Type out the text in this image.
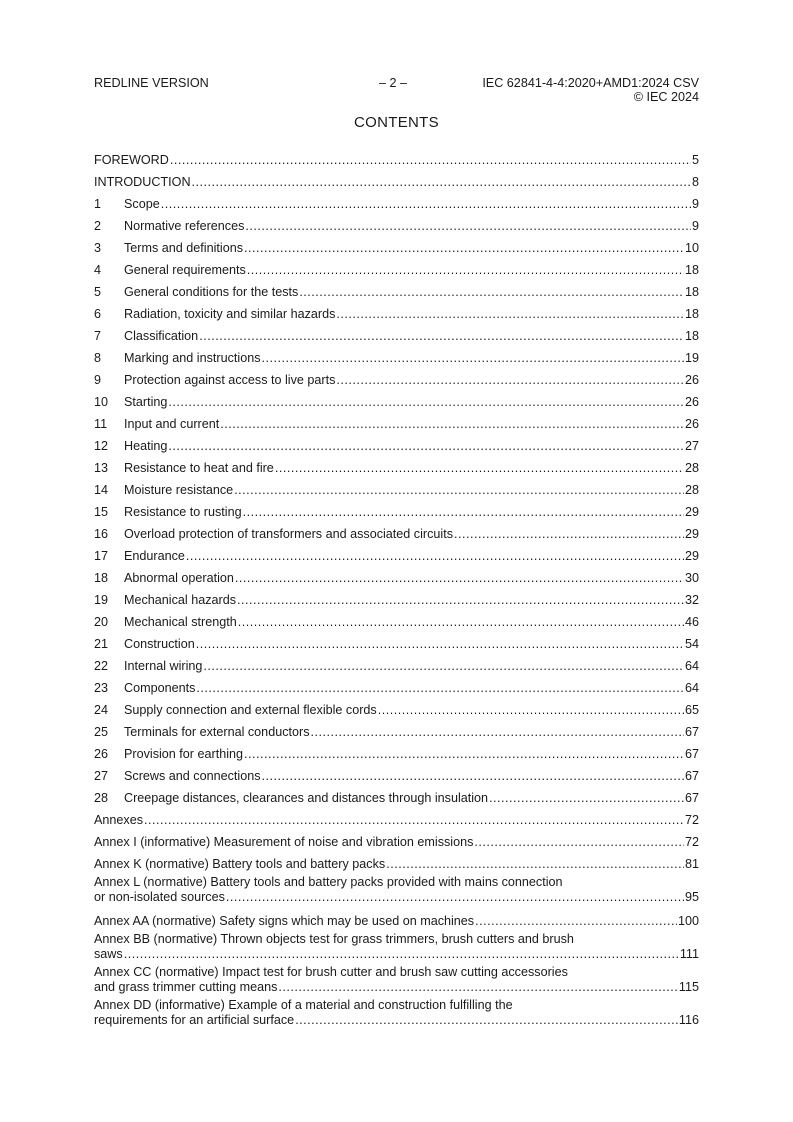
REDLINE VERSION	– 2 –	IEC 62841-4-4:2020+AMD1:2024 CSV
© IEC 2024
CONTENTS
FOREWORD .....	5
INTRODUCTION .....	8
1	Scope .....	9
2	Normative references .....	9
3	Terms and definitions .....	10
4	General requirements .....	18
5	General conditions for the tests .....	18
6	Radiation, toxicity and similar hazards .....	18
7	Classification .....	18
8	Marking and instructions .....	19
9	Protection against access to live parts .....	26
10	Starting .....	26
11	Input and current .....	26
12	Heating .....	27
13	Resistance to heat and fire .....	28
14	Moisture resistance .....	28
15	Resistance to rusting .....	29
16	Overload protection of transformers and associated circuits .....	29
17	Endurance .....	29
18	Abnormal operation .....	30
19	Mechanical hazards .....	32
20	Mechanical strength .....	46
21	Construction .....	54
22	Internal wiring .....	64
23	Components .....	64
24	Supply connection and external flexible cords .....	65
25	Terminals for external conductors .....	67
26	Provision for earthing .....	67
27	Screws and connections .....	67
28	Creepage distances, clearances and distances through insulation .....	67
Annexes .....	72
Annex I (informative) Measurement of noise and vibration emissions .....	72
Annex K (normative) Battery tools and battery packs .....	81
Annex L (normative) Battery tools and battery packs provided with mains connection
or non-isolated sources .....	95
Annex AA (normative) Safety signs which may be used on machines .....	100
Annex BB (normative) Thrown objects test for grass trimmers, brush cutters and brush
saws .....	111
Annex CC (normative) Impact test for brush cutter and brush saw cutting accessories
and grass trimmer cutting means .....	115
Annex DD (informative) Example of a material and construction fulfilling the
requirements for an artificial surface .....	116
